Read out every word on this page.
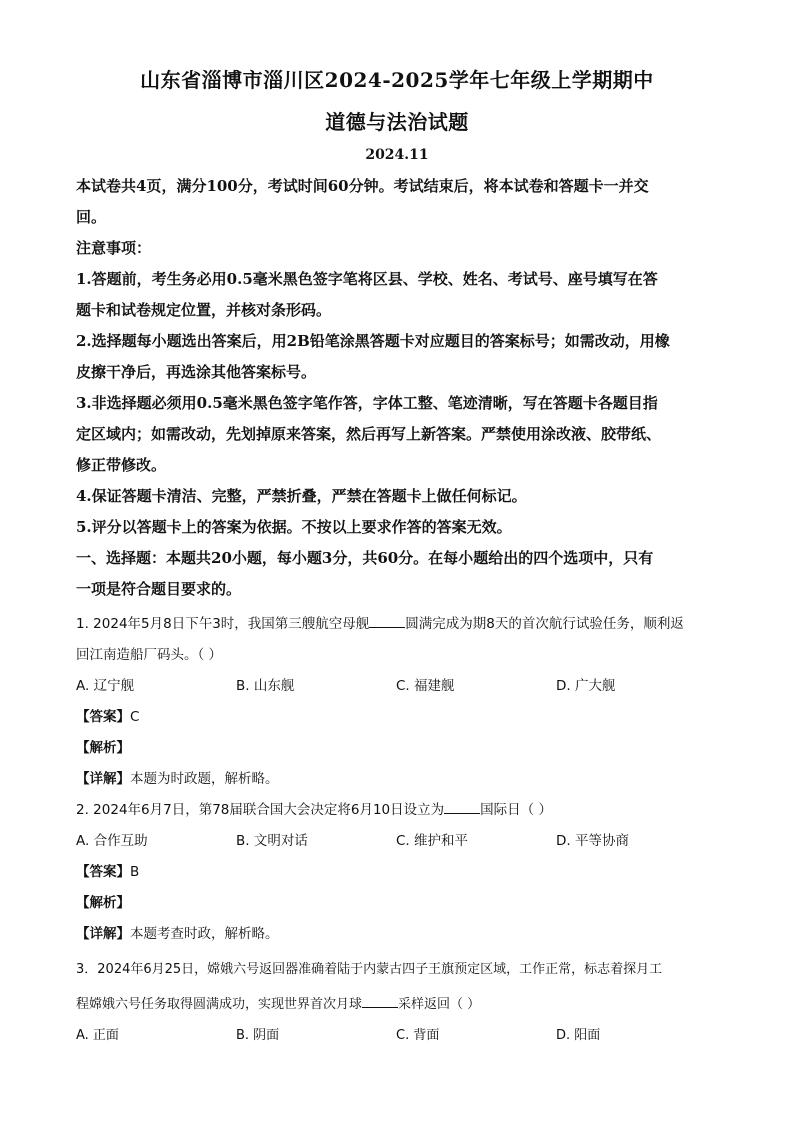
山东省淄博市淄川区2024-2025学年七年级上学期期中
道德与法治试题
2024.11
本试卷共4页，满分100分，考试时间60分钟。考试结束后，将本试卷和答题卡一并交
回。
注意事项：
1.答题前，考生务必用0.5毫米黑色签字笔将区县、学校、姓名、考试号、座号填写在答
题卡和试卷规定位置，并核对条形码。
2.选择题每小题选出答案后，用2B铅笔涂黑答题卡对应题目的答案标号；如需改动，用橡
皮擦干净后，再选涂其他答案标号。
3.非选择题必须用0.5毫米黑色签字笔作答，字体工整、笔迹清晰，写在答题卡各题目指
定区域内；如需改动，先划掉原来答案，然后再写上新答案。严禁使用涂改液、胶带纸、
修正带修改。
4.保证答题卡清洁、完整，严禁折叠，严禁在答题卡上做任何标记。
5.评分以答题卡上的答案为依据。不按以上要求作答的答案无效。
一、选择题：本题共20小题，每小题3分，共60分。在每小题给出的四个选项中，只有
一项是符合题目要求的。
1. 2024年5月8日下午3时，我国第三艘航空母舰	圆满完成为期8天的首次航行试验任务，顺利返
回江南造船厂码头。（ ）
A. 辽宁舰	B. 山东舰	C. 福建舰	D. 广大舰
【答案】C
【解析】
【详解】本题为时政题，解析略。
2. 2024年6月7日，第78届联合国大会决定将6月10日设立为	国际日（ ）
A. 合作互助	B. 文明对话	C. 维护和平	D. 平等协商
【答案】B
【解析】
【详解】本题考查时政，解析略。
3．2024年6月25日，嫦娥六号返回器准确着陆于内蒙古四子王旗预定区域，工作正常，标志着探月工
程嫦娥六号任务取得圆满成功，实现世界首次月球	采样返回（ ）
A. 正面	B. 阴面	C. 背面	D. 阳面
